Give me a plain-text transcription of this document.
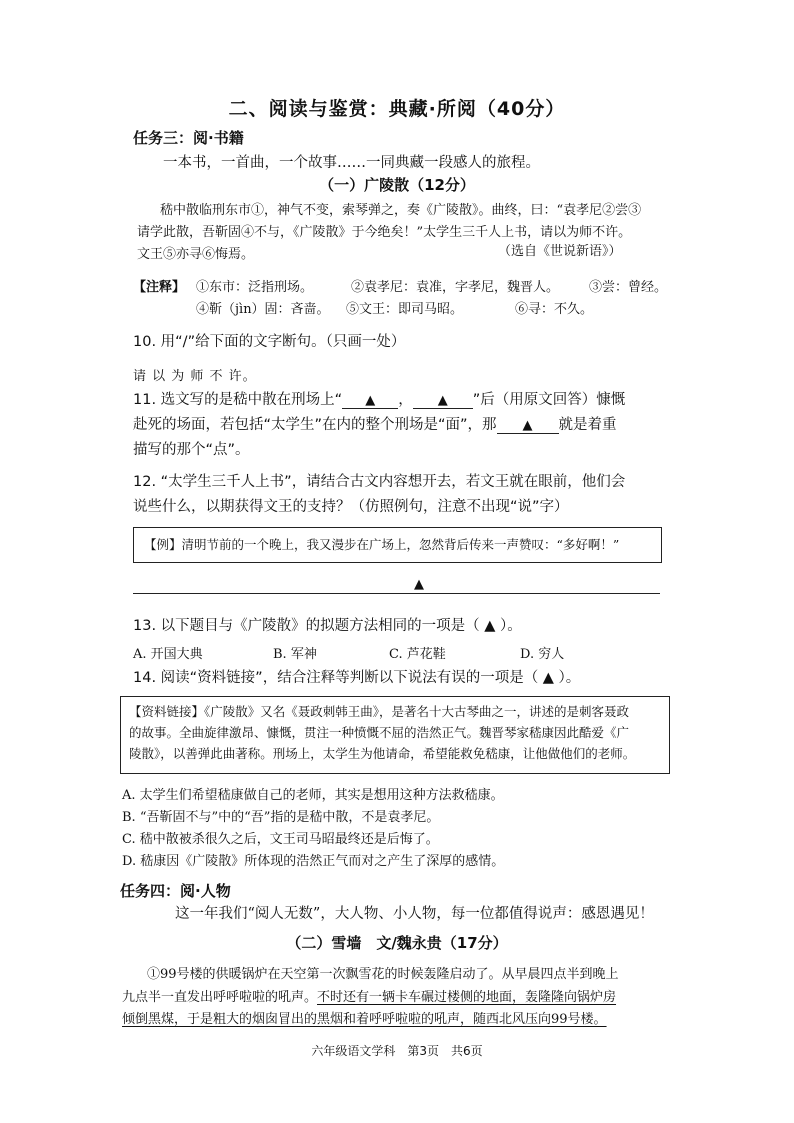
二、阅读与鉴赏：典藏·所阅（40分）
任务三：阅·书籍
一本书，一首曲，一个故事……一同典藏一段感人的旅程。
（一）广陵散（12分）
嵇中散临刑东市①，神气不变，索琴弹之，奏《广陵散》。曲终，曰：“袁孝尼②尝③
请学此散，吾靳固④不与，《广陵散》于今绝矣！”太学生三千人上书，请以为师不许。
文王⑤亦寻⑥悔焉。	（选自《世说新语》）
【注释】 ①东市：泛指刑场。	②袁孝尼：袁准，字孝尼，魏晋人。 ③尝：曾经。
④靳（jìn）固：吝啬。 ⑤文王：即司马昭。	⑥寻：不久。
10. 用“/”给下面的文字断句。（只画一处）
请 以 为 师 不 许。
11. 选文写的是嵇中散在刑场上“ ▲ ， ▲ ”后（用原文回答）慷慨
赴死的场面，若包括“太学生”在内的整个刑场是“面”，那 ▲ 就是着重
描写的那个“点”。
12. “太学生三千人上书”，请结合古文内容想开去，若文王就在眼前，他们会
说些什么，以期获得文王的支持？（仿照例句，注意不出现“说”字）

【例】清明节前的一个晚上，我又漫步在广场上，忽然背后传来一声赞叹：“多好啊！”

▲
13. 以下题目与《广陵散》的拟题方法相同的一项是（ ▲ ）。
A. 开国大典	B. 军神	C. 芦花鞋	D. 穷人
14. 阅读“资料链接”，结合注释等判断以下说法有误的一项是（ ▲ ）。

【资料链接】《广陵散》又名《聂政刺韩王曲》，是著名十大古琴曲之一，讲述的是刺客聂政

的故事。全曲旋律激昂、慷慨，贯注一种愤慨不屈的浩然正气。魏晋琴家嵇康因此酷爱《广

陵散》，以善弹此曲著称。刑场上，太学生为他请命，希望能救免嵇康，让他做他们的老师。

A. 太学生们希望嵇康做自己的老师，其实是想用这种方法救嵇康。
B. “吾靳固不与”中的“吾”指的是嵇中散，不是袁孝尼。
C. 嵇中散被杀很久之后，文王司马昭最终还是后悔了。
D. 嵇康因《广陵散》所体现的浩然正气而对之产生了深厚的感情。
任务四：阅·人物
这一年我们“阅人无数”，大人物、小人物，每一位都值得说声：感恩遇见！
（二）雪墙　文/魏永贵（17分）
①99号楼的供暖锅炉在天空第一次飘雪花的时候轰隆启动了。从早晨四点半到晚上
九点半一直发出呼呼啦啦的吼声。不时还有一辆卡车碾过楼侧的地面，轰隆隆向锅炉房
倾倒黑煤，于是粗大的烟囱冒出的黑烟和着呼呼啦啦的吼声，随西北风压向99号楼。
六年级语文学科　第3页　共6页
